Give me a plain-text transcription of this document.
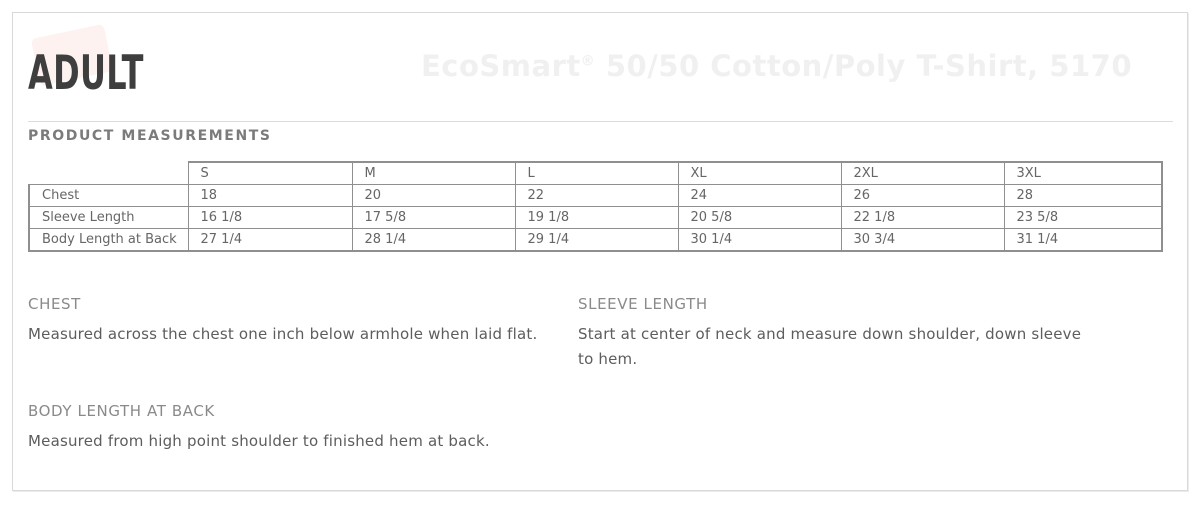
ADULT	EcoSmart® 50/50 Cotton/Poly T-Shirt, 5170
PRODUCT MEASUREMENTS
	S	M	L	XL	2XL	3XL
Chest	18	20	22	24	26	28
Sleeve Length	16 1/8	17 5/8	19 1/8	20 5/8	22 1/8	23 5/8
Body Length at Back	27 1/4	28 1/4	29 1/4	30 1/4	30 3/4	31 1/4
CHEST
Measured across the chest one inch below armhole when laid flat.
SLEEVE LENGTH
Start at center of neck and measure down shoulder, down sleeve to hem.
BODY LENGTH AT BACK
Measured from high point shoulder to finished hem at back.
